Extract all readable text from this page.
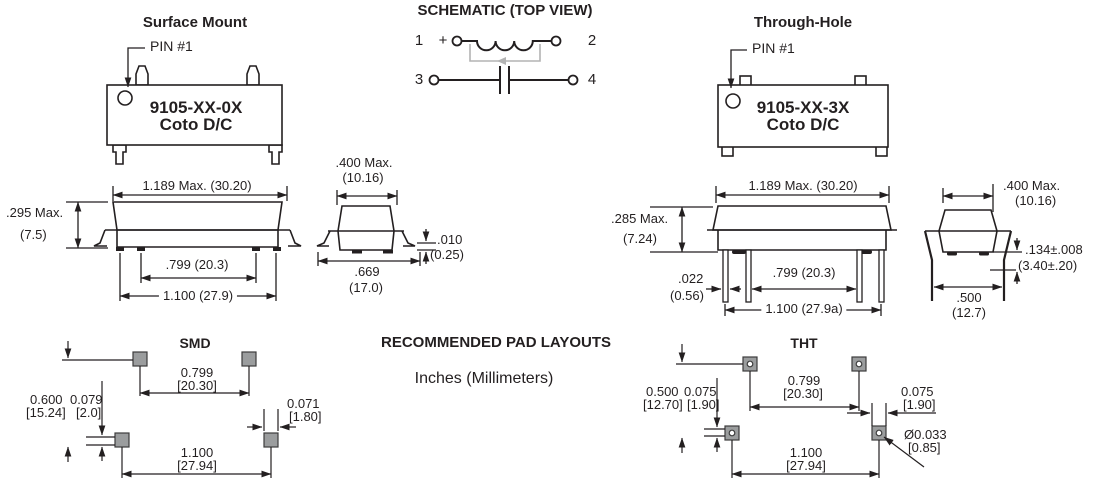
Surface Mount
SCHEMATIC (TOP VIEW)
Through-Hole
PIN #1
9105-XX-0X
Coto D/C
PIN #1
9105-XX-3X
Coto D/C
1 +	2
3	4
1.189 Max. (30.20)
.295 Max.
(7.5)
.799 (20.3)
1.100 (27.9)
.400 Max.
(10.16)
.010
(0.25)
.669
(17.0)
1.189 Max. (30.20)
.285 Max.
(7.24)
.022
(0.56)
.799 (20.3)
1.100 (27.9a)
.400 Max.
(10.16)
.134±.008
(3.40±.20)
.500
(12.7)
RECOMMENDED PAD LAYOUTS
Inches (Millimeters)
SMD	THT
0.799
[20.30]
0.600
[15.24]
0.079
[2.0]
0.071
[1.80]
1.100
[27.94]
0.799
[20.30]
0.500
[12.70]
0.075
[1.90]
0.075
[1.90]
1.100
[27.94]
Ø0.033
[0.85]
